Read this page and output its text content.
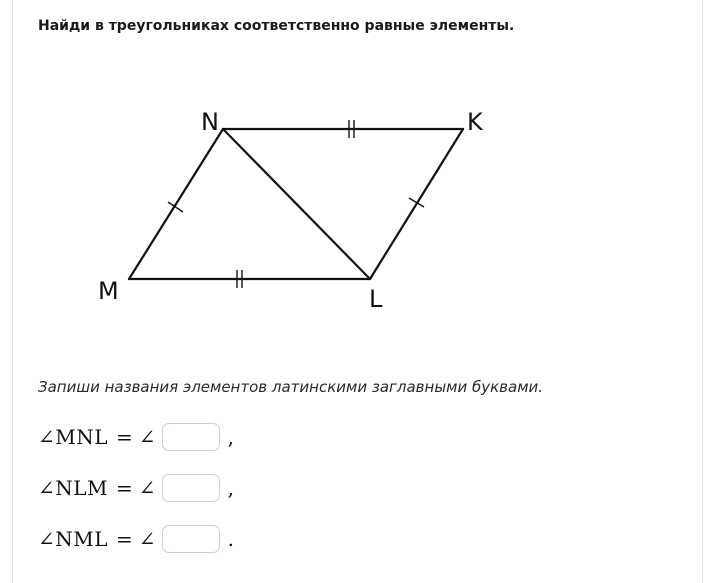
Найди в треугольниках соответственно равные элементы.
N	K
M	L
Запиши названия элементов латинскими заглавными буквами.
∠MNL = ∠	,
∠NLM = ∠	,
∠NML = ∠	.
